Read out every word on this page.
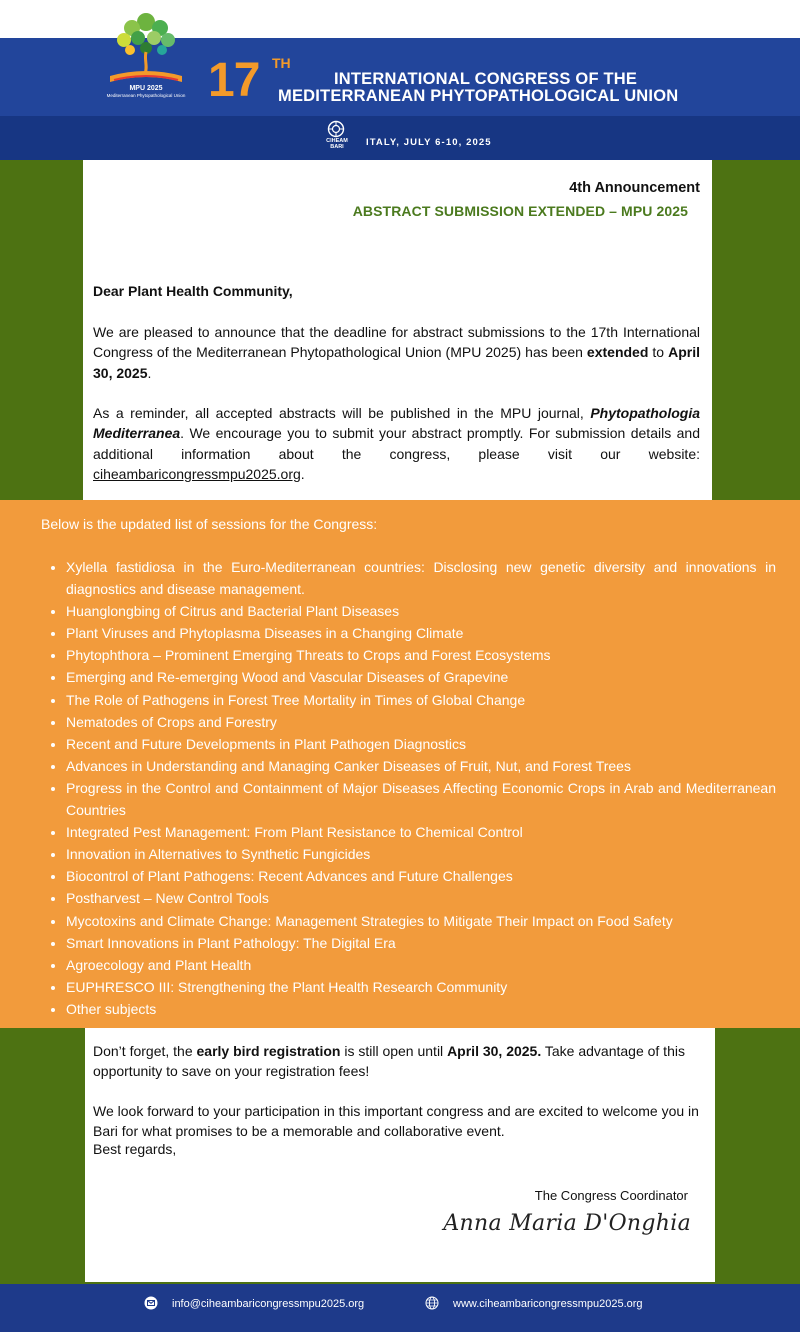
MPU 2025
Mediterranean Phytopathological Union 17 TH
INTERNATIONAL CONGRESS OF THE
MEDITERRANEAN PHYTOPATHOLOGICAL UNION
CIHEAM
BARI	ITALY, JULY 6-10, 2025
4th Announcement
ABSTRACT SUBMISSION EXTENDED – MPU 2025
Dear Plant Health Community,
We are pleased to announce that the deadline for abstract submissions to the 17th International Congress of the Mediterranean Phytopathological Union (MPU 2025) has been extended to April 30, 2025.
As a reminder, all accepted abstracts will be published in the MPU journal, Phytopathologia Mediterranea. We encourage you to submit your abstract promptly. For submission details and additional information about the congress, please visit our website: ciheambaricongressmpu2025.org.
Below is the updated list of sessions for the Congress:
• Xylella fastidiosa in the Euro-Mediterranean countries: Disclosing new genetic diversity and innovations in diagnostics and disease management.
• Huanglongbing of Citrus and Bacterial Plant Diseases
• Plant Viruses and Phytoplasma Diseases in a Changing Climate
• Phytophthora – Prominent Emerging Threats to Crops and Forest Ecosystems
• Emerging and Re-emerging Wood and Vascular Diseases of Grapevine
• The Role of Pathogens in Forest Tree Mortality in Times of Global Change
• Nematodes of Crops and Forestry
• Recent and Future Developments in Plant Pathogen Diagnostics
• Advances in Understanding and Managing Canker Diseases of Fruit, Nut, and Forest Trees
• Progress in the Control and Containment of Major Diseases Affecting Economic Crops in Arab and Mediterranean Countries
• Integrated Pest Management: From Plant Resistance to Chemical Control
• Innovation in Alternatives to Synthetic Fungicides
• Biocontrol of Plant Pathogens: Recent Advances and Future Challenges
• Postharvest – New Control Tools
• Mycotoxins and Climate Change: Management Strategies to Mitigate Their Impact on Food Safety
• Smart Innovations in Plant Pathology: The Digital Era
• Agroecology and Plant Health
• EUPHRESCO III: Strengthening the Plant Health Research Community
• Other subjects
Don’t forget, the early bird registration is still open until April 30, 2025. Take advantage of this opportunity to save on your registration fees!
We look forward to your participation in this important congress and are excited to welcome you in Bari for what promises to be a memorable and collaborative event.
Best regards,
The Congress Coordinator
Anna Maria D'Onghia
info@ciheambaricongressmpu2025.org	www.ciheambaricongressmpu2025.org
